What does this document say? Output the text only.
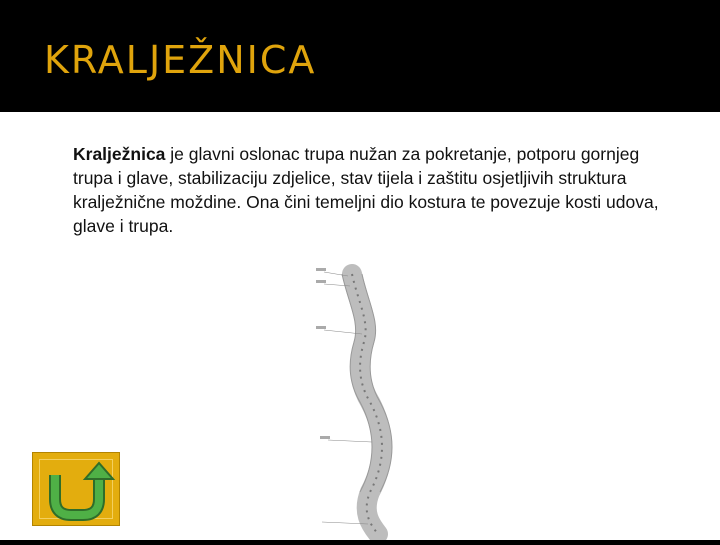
KRALJEŽNICA
Kralježnica je glavni oslonac trupa nužan za pokretanje, potporu gornjeg trupa i glave, stabilizaciju zdjelice, stav tijela i zaštitu osjetljivih struktura kralježnične moždine. Ona čini temeljni dio kostura te povezuje kosti udova, glave i trupa.
